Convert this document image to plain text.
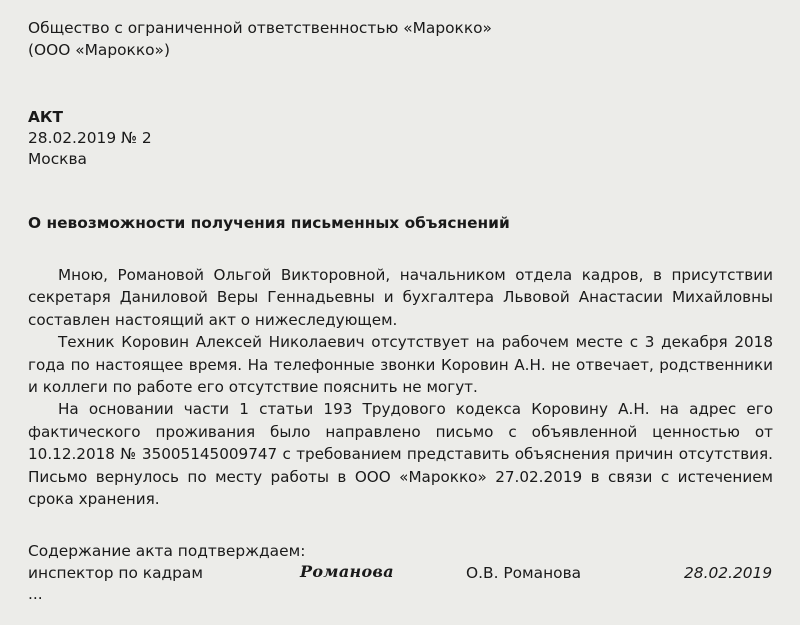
Общество с ограниченной ответственностью «Марокко»
(ООО «Марокко»)
АКТ
28.02.2019 № 2
Москва
О невозможности получения письменных объяснений

Мною, Романовой Ольгой Викторовной, начальником отдела кадров, в присутствии секретаря Даниловой Веры Геннадьевны и бухгалтера Львовой Анастасии Михайловны составлен настоящий акт о нижеследующем.

Техник Коровин Алексей Николаевич отсутствует на рабочем месте с 3 декабря 2018 года по настоящее время. На телефонные звонки Коровин А.Н. не отвечает, родственники и коллеги по работе его отсутствие пояснить не могут.

На основании части 1 статьи 193 Трудового кодекса Коровину А.Н. на адрес его фактического проживания было направлено письмо с объявленной ценностью от 10.12.2018 № 35005145009747 с требованием представить объяснения причин отсутствия. Письмо вернулось по месту работы в ООО «Марокко» 27.02.2019 в связи с истечением срока хранения.

Содержание акта подтверждаем:
инспектор по кадрам	Романова	О.В. Романова	28.02.2019
...
